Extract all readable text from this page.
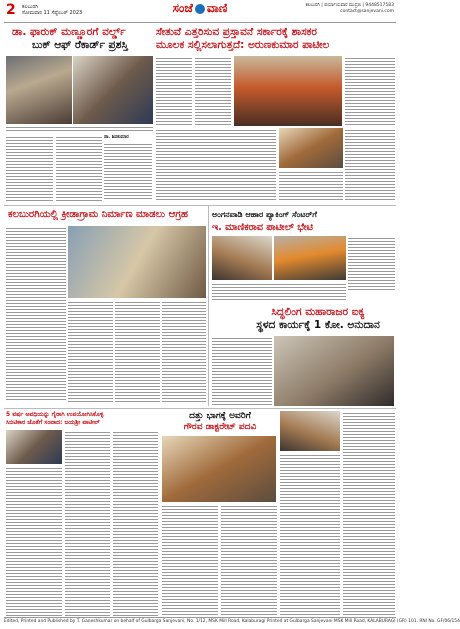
2 ಕಲಬುರಗಿ
ಸೋಮವಾರ 11 ಸೆಪ್ಟೆಂಬರ್ 2023	ಸಂಜೆ ವಾಣಿ	ಕಲಬುರಗಿ | ಪರ್ಯಾಯವಾರ ಮುದ್ರಣ | 9448517583
contact@sanjevani.com
ಡಾ. ಫಾರುಕ್ ಮಣ್ಣೂರಗೆ ವರ್ಲ್ಡ್
ಬುಕ್ ಆಫ್ ರೆಕಾರ್ಡ್ ಪ್ರಶಸ್ತಿ
ಡಾ. ಶಿವಕುಮಾರ
ಸೇತುವೆ ಎತ್ತರಿಸುವ ಪ್ರಸ್ತಾವನೆ ಸರ್ಕಾರಕ್ಕೆ ಶಾಸಕರ
ಮೂಲಕ ಸಲ್ಲಿಸಲಾಗುತ್ತದೆ: ಅರುಣಕುಮಾರ ಪಾಟೀಲ
ಕಲಬುರಗಿಯಲ್ಲಿ ಕ್ರೀಡಾಗ್ರಾಮ ನಿರ್ಮಾಣ ಮಾಡಲು ಆಗ್ರಹ	ಅಂಗನವಾಡಿ ಆಹಾರ ಪ್ಯಾಕಿಂಗ್ ಸೆಂಟರ್‌ಗೆ
ಇ. ಮಾಣಿಕರಾವ ಪಾಟೀಲ್ ಭೇಟಿ
ಸಿದ್ಧಲಿಂಗ ಮಹಾರಾಜರ ಐಕ್ಯ
ಸ್ಥಳದ ಕಾರ್ಯಕ್ಕೆ 1 ಕೋ. ಅನುದಾನ
5 ವರ್ಷ ಅವಧಿಯನ್ನು ಗೈರಾಗಿ ಉಪಯೋಗಿಸಿಕೊಳ್ಳಿ
ಸಿಬಿಟಿಕಾರ ಜೊತೆಗೆ ಸಂವಾದ: ಜಯಶ್ರೀ ಪಾಟೀಲ್
ದತ್ತು ಭಾಗಕ್ಕೆ ಅವರಿಗೆ
ಗೌರವ ಡಾಕ್ಟರೇಟ್ ಪದವಿ
Edited, Printed and Published by T. Ganeshkumar on behalf of Gulbarga Sanjevani, No. 1/12, MSK Mill Road, Kalaburagi Printed at Gulbarga Sanjevani MSK Mill Road, KALABURAGI (GR) 101. RNI No. GF/06/154
